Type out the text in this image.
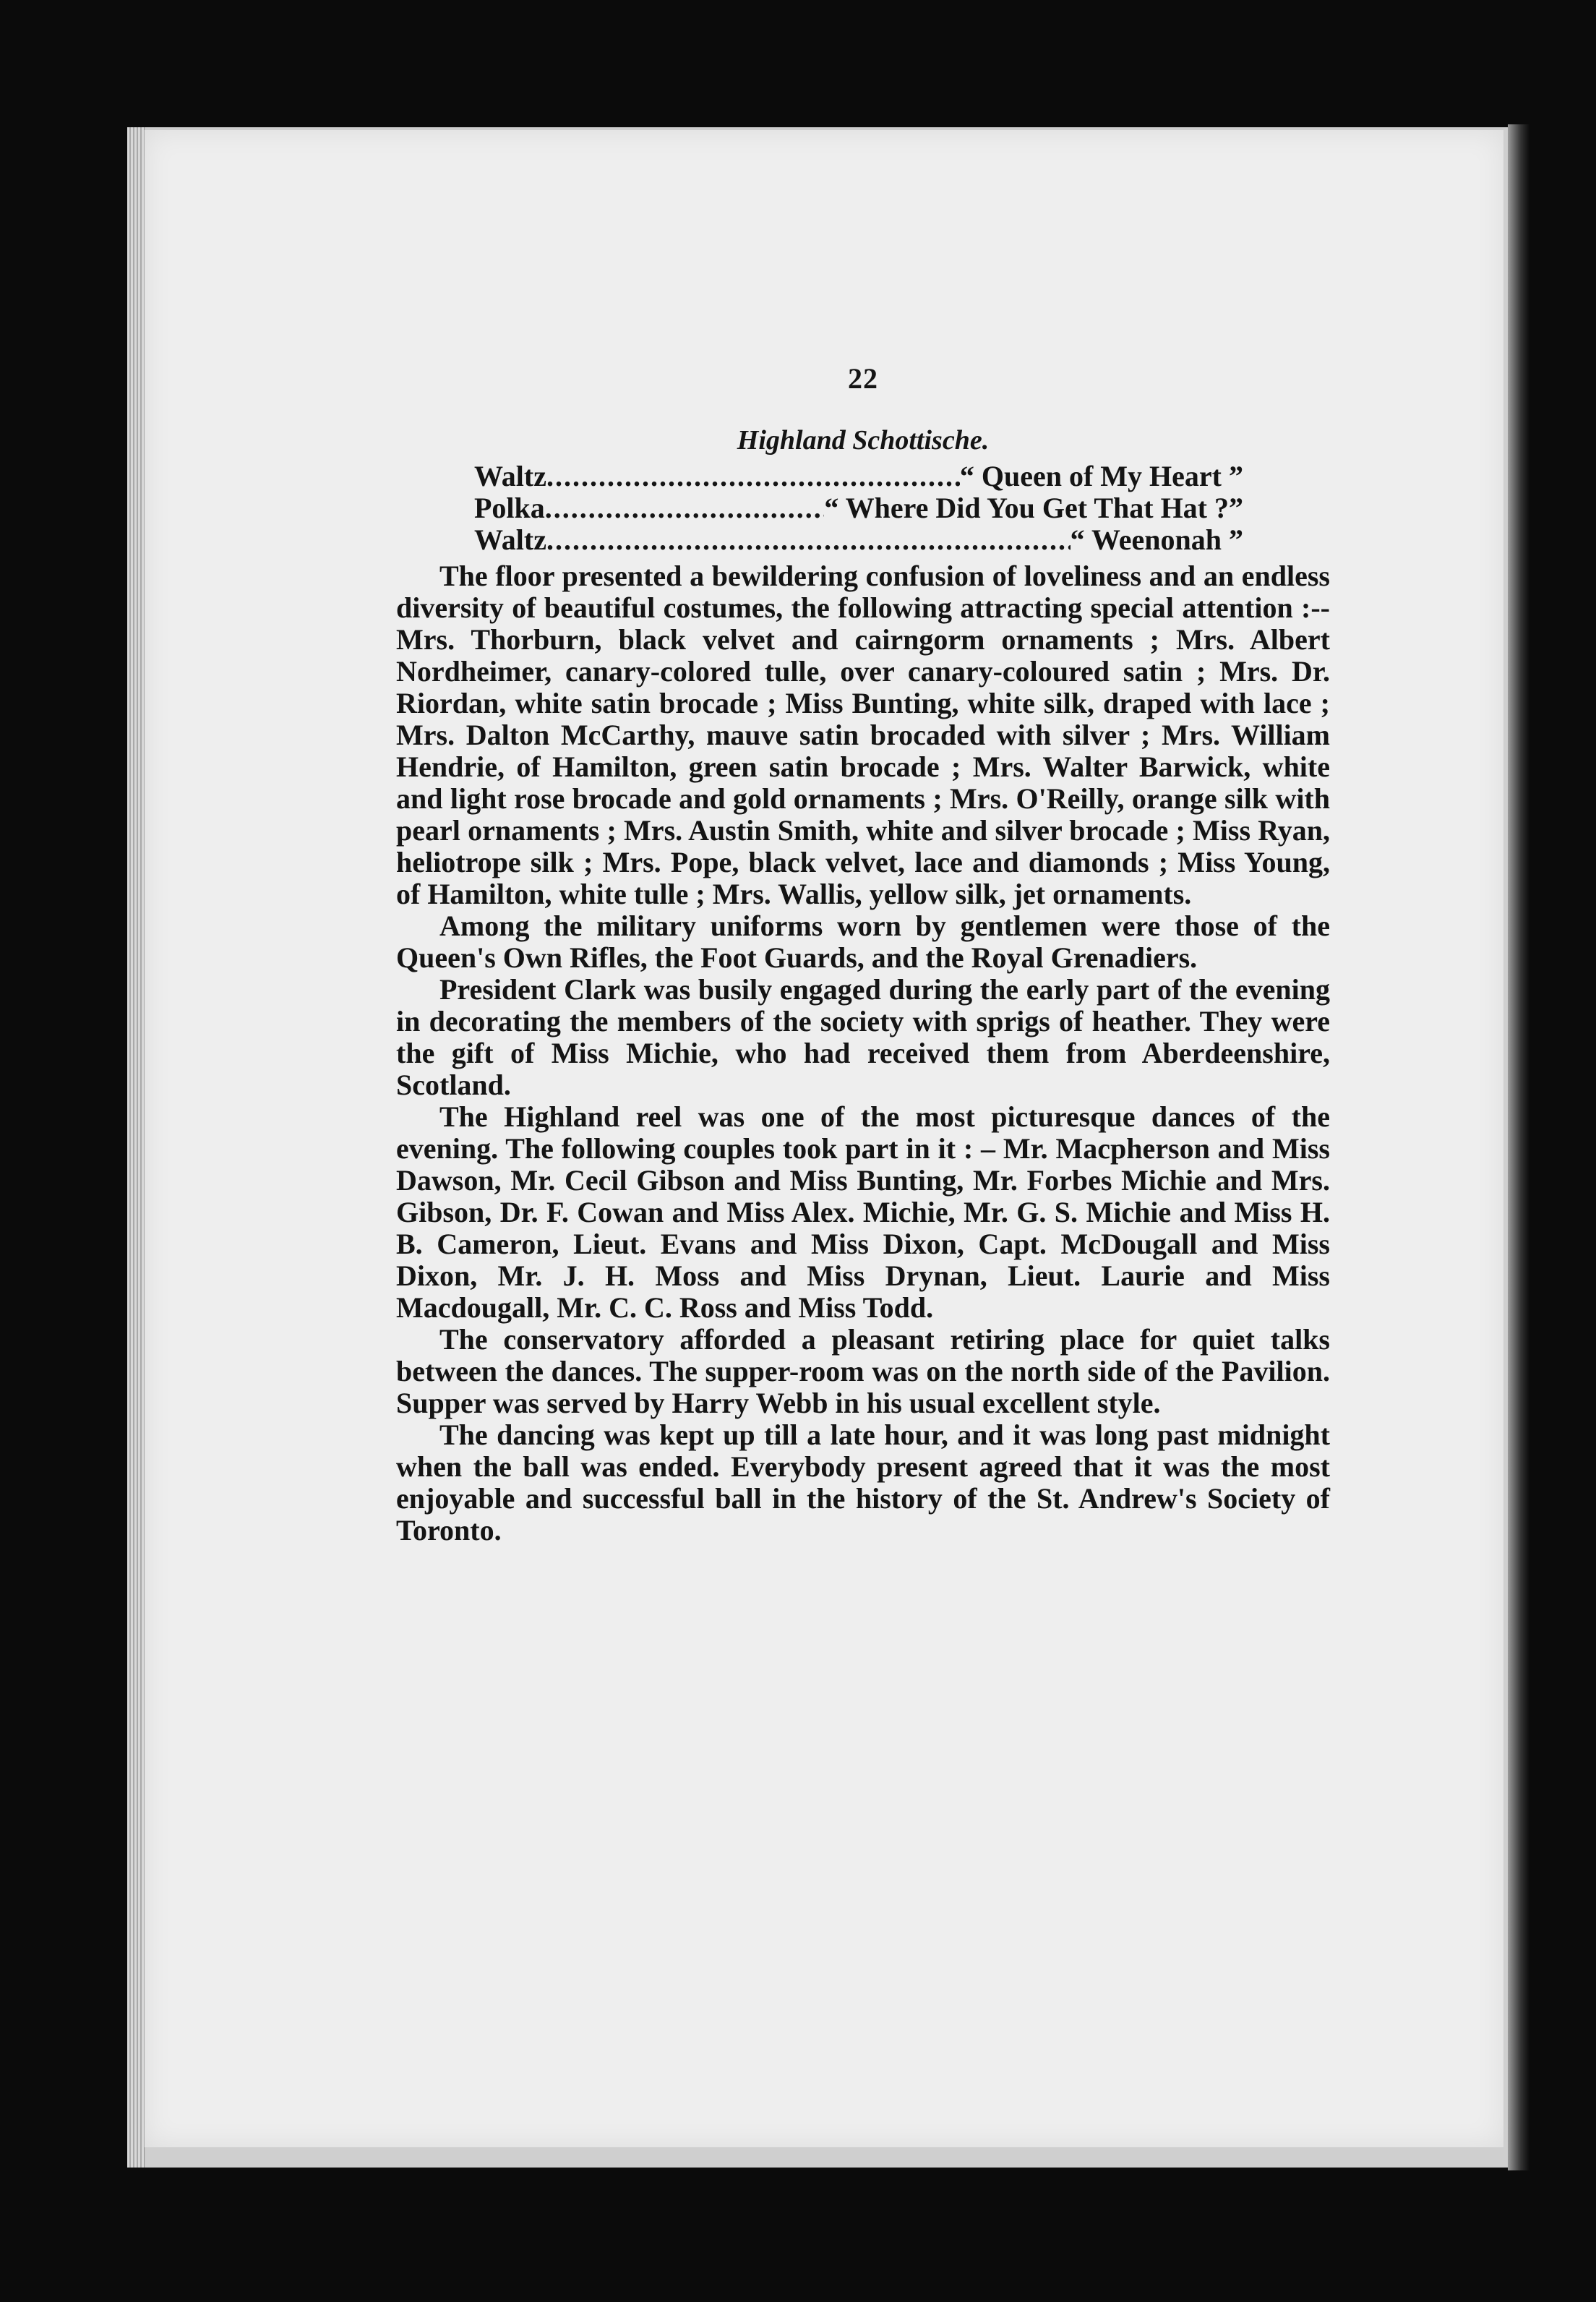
22
Highland Schottische.
Waltz .....	“ Queen of My Heart ”
Polka .....	“ Where Did You Get That Hat ?”
Waltz .....	“ Weenonah ”

The floor presented a bewildering confusion of loveliness and an endless diversity of beautiful costumes, the following attracting special attention :--Mrs. Thorburn, black velvet and cairngorm ornaments ; Mrs. Albert Nordheimer, canary-colored tulle, over canary-coloured satin ; Mrs. Dr. Riordan, white satin brocade ; Miss Bunting, white silk, draped with lace ; Mrs. Dalton McCarthy, mauve satin brocaded with silver ; Mrs. William Hendrie, of Hamilton, green satin brocade ; Mrs. Walter Barwick, white and light rose brocade and gold ornaments ; Mrs. O'Reilly, orange silk with pearl ornaments ; Mrs. Austin Smith, white and silver brocade ; Miss Ryan, heliotrope silk ; Mrs. Pope, black velvet, lace and diamonds ; Miss Young, of Hamilton, white tulle ; Mrs. Wallis, yellow silk, jet ornaments.

Among the military uniforms worn by gentlemen were those of the Queen's Own Rifles, the Foot Guards, and the Royal Grenadiers.

President Clark was busily engaged during the early part of the evening in decorating the members of the society with sprigs of heather. They were the gift of Miss Michie, who had received them from Aberdeenshire, Scotland.

The Highland reel was one of the most picturesque dances of the evening. The following couples took part in it : – Mr. Macpherson and Miss Dawson, Mr. Cecil Gibson and Miss Bunting, Mr. Forbes Michie and Mrs. Gibson, Dr. F. Cowan and Miss Alex. Michie, Mr. G. S. Michie and Miss H. B. Cameron, Lieut. Evans and Miss Dixon, Capt. McDougall and Miss Dixon, Mr. J. H. Moss and Miss Drynan, Lieut. Laurie and Miss Macdougall, Mr. C. C. Ross and Miss Todd.

The conservatory afforded a pleasant retiring place for quiet talks between the dances. The supper-room was on the north side of the Pavilion. Supper was served by Harry Webb in his usual excellent style.

The dancing was kept up till a late hour, and it was long past midnight when the ball was ended. Everybody present agreed that it was the most enjoyable and successful ball in the history of the St. Andrew's Society of Toronto.
